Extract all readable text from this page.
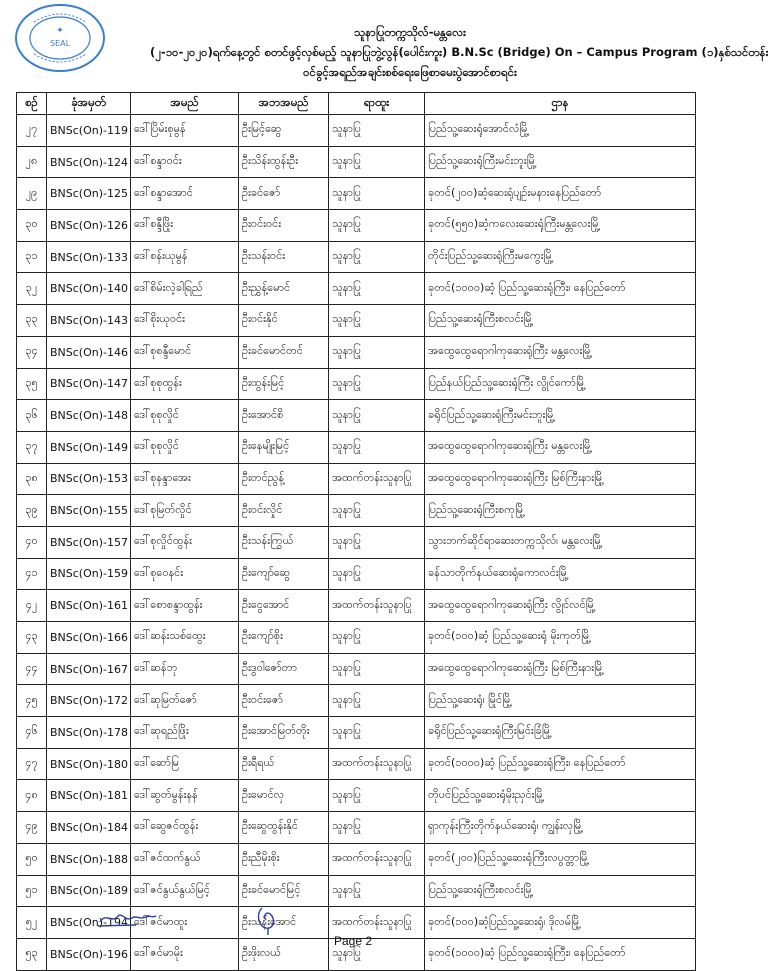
✦
SEAL
သူနာပြုတက္ကသိုလ်-မန္တလေး
(၂-၁၀-၂၀၂၀)ရက်နေ့တွင် စတင်ဖွင့်လှစ်မည့် သူနာပြုဘွဲ့လွန်(ပေါင်းကူး) B.N.Sc (Bridge) On – Campus Program (၁)နှစ်သင်တန်း
ဝင်ခွင့်အရည်အချင်းစစ်ရေးဖြေစာမေးပွဲအောင်စာရင်း
စဉ်	ခုံအမှတ်	အမည်	အဘအမည်	ရာထူး	ဌာန
၂၇	BNSc(On)-119	ဒေါ်ပြိမ်းစုမွန်	ဦးမြင့်ဆွေ	သူနာပြု	ပြည်သူ့ဆေးရုံအောင်လံမြို့
၂၈	BNSc(On)-124	ဒေါ်စန္ဒာဝင်း	ဦးသိန်းထွန်းဦး	သူနာပြု	ပြည်သူ့ဆေးရုံကြီးမင်းဘူးမြို့
၂၉	BNSc(On)-125	ဒေါ်စန္ဒာအောင်	ဦးခင်ဇော်	သူနာပြု	ခုတင်(၂၀၀)ဆံ့ဆေးရုံပျဉ်းမနားနေပြည်တော်
၃၀	BNSc(On)-126	ဒေါ်စန္ဒီဖြိုး	ဦးဝင်းဝင်း	သူနာပြု	ခုတင်(၅၅၀)ဆံ့ကလေးဆေးရုံကြီးမန္တလေးမြို့
၃၁	BNSc(On)-133	ဒေါ်စန်းယုမွန်	ဦးသန်းဝင်း	သူနာပြု	တိုင်းပြည်သူ့ဆေးရုံကြီးမကွေးမြို့
၃၂	BNSc(On)-140	ဒေါ်စိမ်းလဲ့ခါရြည်	ဦးညွှန့်မောင်	သူနာပြု	ခုတင်(၁၀၀၀)ဆံ့ ပြည်သူ့ဆေးရုံကြီး၊ နေပြည်တော်
၃၃	BNSc(On)-143	ဒေါ်စိုးယုဝင်း	ဦးဝင်းနိုင်	သူနာပြု	ပြည်သူ့ဆေးရုံကြီးစလင်းမြို့
၃၄	BNSc(On)-146	ဒေါ်စုစန္ဒီမောင်	ဦးခင်မောင်တင်	သူနာပြု	အထွေထွေရောဂါကုဆေးရုံကြီး မန္တလေးမြို့
၃၅	BNSc(On)-147	ဒေါ်စုစုထွန်း	ဦးထွန်းမြင့်	သူနာပြု	ပြည်နယ်ပြည်သူ့ဆေးရုံကြီး လွိုင်ကော်မြို့
၃၆	BNSc(On)-148	ဒေါ်စုစုလှိုင်	ဦးအောင်စိ	သူနာပြု	ခရိုင်ပြည်သူ့ဆေးရုံကြီးမင်းဘူးမြို့
၃၇	BNSc(On)-149	ဒေါ်စုစုလှိုင်	ဦးနေမျိုးမြင့်	သူနာပြု	အထွေထွေရောဂါကုဆေးရုံကြီး မန္တလေးမြို့
၃၈	BNSc(On)-153	ဒေါ်စုနန္ဒာအေး	ဦးတင်ညွန့်	အထက်တန်းသူနာပြု	အထွေထွေရောဂါကုဆေးရုံကြီး မြစ်ကြီးနားမြို့
၃၉	BNSc(On)-155	ဒေါ်စုမြတ်လှိုင်	ဦးဝင်းလှိုင်	သူနာပြု	ပြည်သူ့ဆေးရုံကြီးစကုမြို့
၄၀	BNSc(On)-157	ဒေါ်စုလှိုင်ထွန်း	ဦးသန်းကြွယ်	သူနာပြု	သွားဘက်ဆိုင်ရာဆေးတက္ကသိုလ်၊ မန္တလေးမြို့
၄၁	BNSc(On)-159	ဒေါ်စုဝေနင်း	ဦးကျော်ဆွေ	သူနာပြု	ခန်သာတိုက်နယ်ဆေးရုံကောလင်းမြို့
၄၂	BNSc(On)-161	ဒေါ်စောစန္ဒာထွန်း	ဦးငွေအောင်	အထက်တန်းသူနာပြု	အထွေထွေရောဂါကုဆေးရုံကြီး လွိုင်လင်မြို့
၄၃	BNSc(On)-166	ဒေါ်ဆန်းသစ်ထွေး	ဦးကျော်စိုး	သူနာပြု	ခုတင်(၁၀၀)ဆံ့ ပြည်သူ့ဆေးရုံ မိုးကုတ်မြို့
၄၄	BNSc(On)-167	ဒေါ်ဆန်ဘု	ဦးဒွဝါဇော်တာ	သူနာပြု	အထွေထွေရောဂါကုဆေးရုံကြီး မြစ်ကြီးနားမြို့
၄၅	BNSc(On)-172	ဒေါ်ဆုမြတ်ဇော်	ဦးဝင်းဇော်	သူနာပြု	ပြည်သူ့ဆေးရုံ၊ မြိုင်မြို့
၄၆	BNSc(On)-178	ဒေါ်ဆုရည်ဖြိုး	ဦးအောင်မြတ်တိုး	သူနာပြု	ခရိုင်ပြည်သူ့ဆေးရုံကြီးမြင်းခြံမြို့
၄၇	BNSc(On)-180	ဒေါ်ဆော်မြ	ဦးရီရယ်	အထက်တန်းသူနာပြု	ခုတင်(၁၀၀၀)ဆံ့ ပြည်သူ့ဆေးရုံကြီး၊ နေပြည်တော်
၄၈	BNSc(On)-181	ဒေါ်ဆွတ်မွန်းနန်	ဦးမောင်လှ	သူနာပြု	တိုပင်ပြည်သူ့ဆေးရုံမိုးညှင်းမြို့
၄၉	BNSc(On)-184	ဒေါ်ဆွေဇင်ထွန်း	ဦးဆွေထွန်းနိုင်	သူနာပြု	ရှာကုန်းကြီးတိုက်နယ်ဆေးရုံ၊ ကျွန်းလှမြို့
၅၀	BNSc(On)-188	ဒေါ်ဇင်ထက်နွယ်	ဦးညီမိုးစိုး	အထက်တန်းသူနာပြု	ခုတင်(၂၀၀)ပြည်သူ့ဆေးရုံကြီးလပွတ္တာမြို့
၅၁	BNSc(On)-189	ဒေါ်ဇင်နွယ်နွယ်မြင့်	ဦးခင်မောင်မြင့်	သူနာပြု	ပြည်သူ့ဆေးရုံကြီးစလင်းမြို့
၅၂	BNSc(On)-194	ဒေါ်ဇင်မာထူး	ဦးသန်းအောင်	အထက်တန်းသူနာပြု	ခုတင်(၁၀၀)ဆံ့ပြည်သူ့ဆေးရုံ၊ ဒိုလမ်မြို့
၅၃	BNSc(On)-196	ဒေါ်ဇင်မာမိုး	ဦးဖိုးလယ်	သူနာပြု	ခုတင်(၁၀၀၀)ဆံ့ ပြည်သူ့ဆေးရုံကြီး၊ နေပြည်တော်
Page 2
